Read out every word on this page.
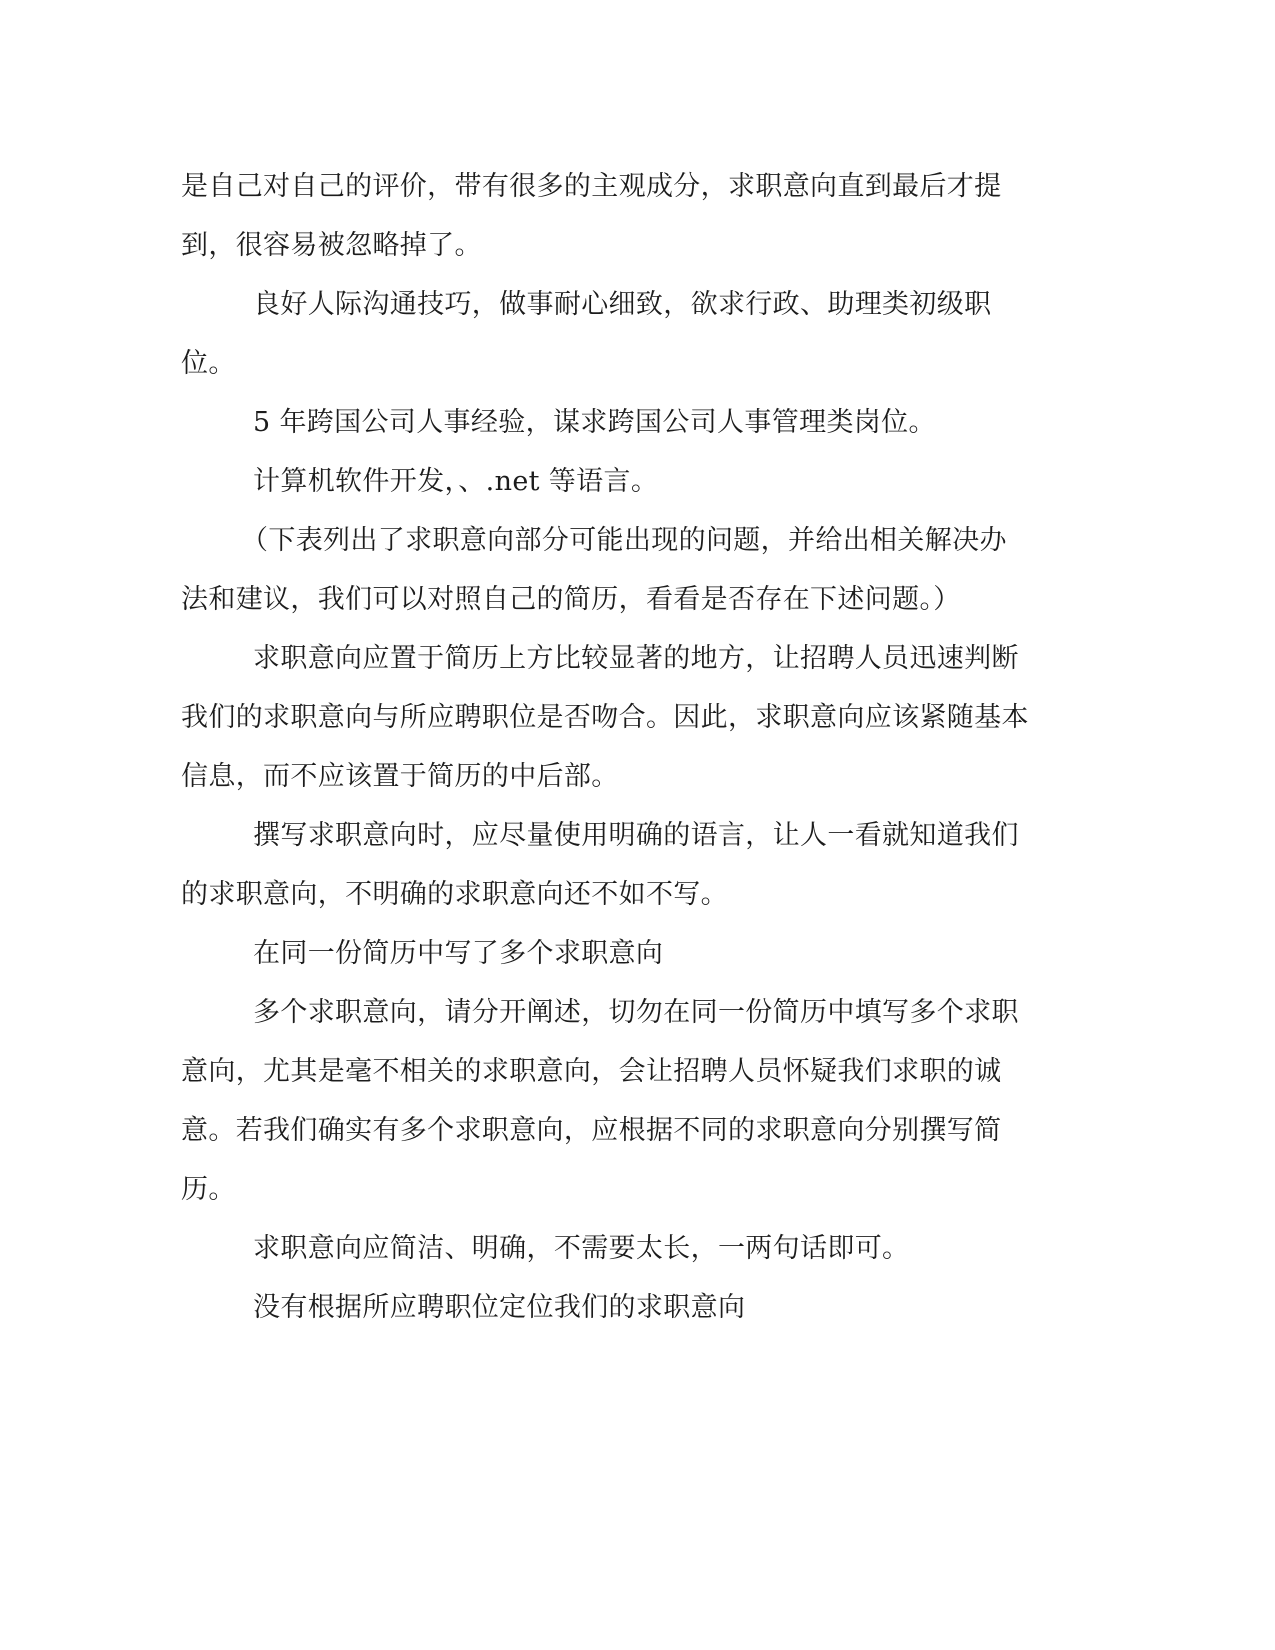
是自己对自己的评价，带有很多的主观成分，求职意向直到最后才提到，很容易被忽略掉了。

良好人际沟通技巧，做事耐心细致，欲求行政、助理类初级职位。

5 年跨国公司人事经验，谋求跨国公司人事管理类岗位。

计算机软件开发，、.net 等语言。

（下表列出了求职意向部分可能出现的问题，并给出相关解决办法和建议，我们可以对照自己的简历，看看是否存在下述问题。）

求职意向应置于简历上方比较显著的地方，让招聘人员迅速判断我们的求职意向与所应聘职位是否吻合。因此，求职意向应该紧随基本信息，而不应该置于简历的中后部。

撰写求职意向时，应尽量使用明确的语言，让人一看就知道我们的求职意向，不明确的求职意向还不如不写。

在同一份简历中写了多个求职意向

多个求职意向，请分开阐述，切勿在同一份简历中填写多个求职意向，尤其是毫不相关的求职意向，会让招聘人员怀疑我们求职的诚意。若我们确实有多个求职意向，应根据不同的求职意向分别撰写简历。

求职意向应简洁、明确，不需要太长，一两句话即可。

没有根据所应聘职位定位我们的求职意向
